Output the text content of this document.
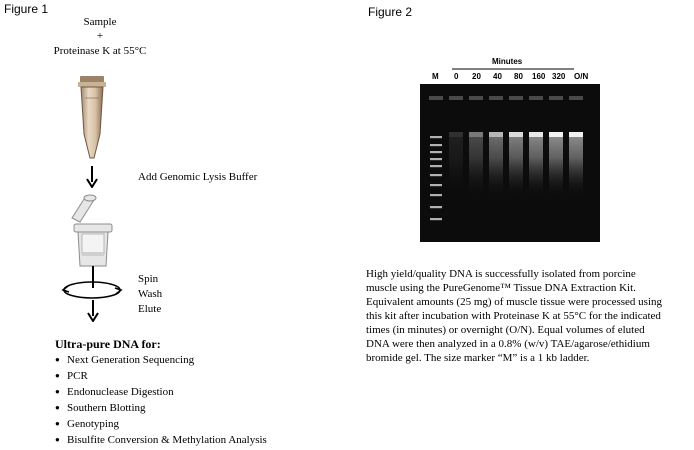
Figure 1
Sample
+
Proteinase K at 55°C
Add Genomic Lysis Buffer
Spin
Wash
Elute
Ultra-pure DNA for:
● Next Generation Sequencing
● PCR
● Endonuclease Digestion
● Southern Blotting
● Genotyping
● Bisulfite Conversion & Methylation Analysis
Figure 2
Minutes
M 0 20 40 80 160 320 O/N
High yield/quality DNA is successfully isolated from porcine muscle using the PureGenome™ Tissue DNA Extraction Kit. Equivalent amounts (25 mg) of muscle tissue were processed using this kit after incubation with Proteinase K at 55°C for the indicated times (in minutes) or overnight (O/N). Equal volumes of eluted DNA were then analyzed in a 0.8% (w/v) TAE/agarose/ethidium bromide gel. The size marker “M” is a 1 kb ladder.
